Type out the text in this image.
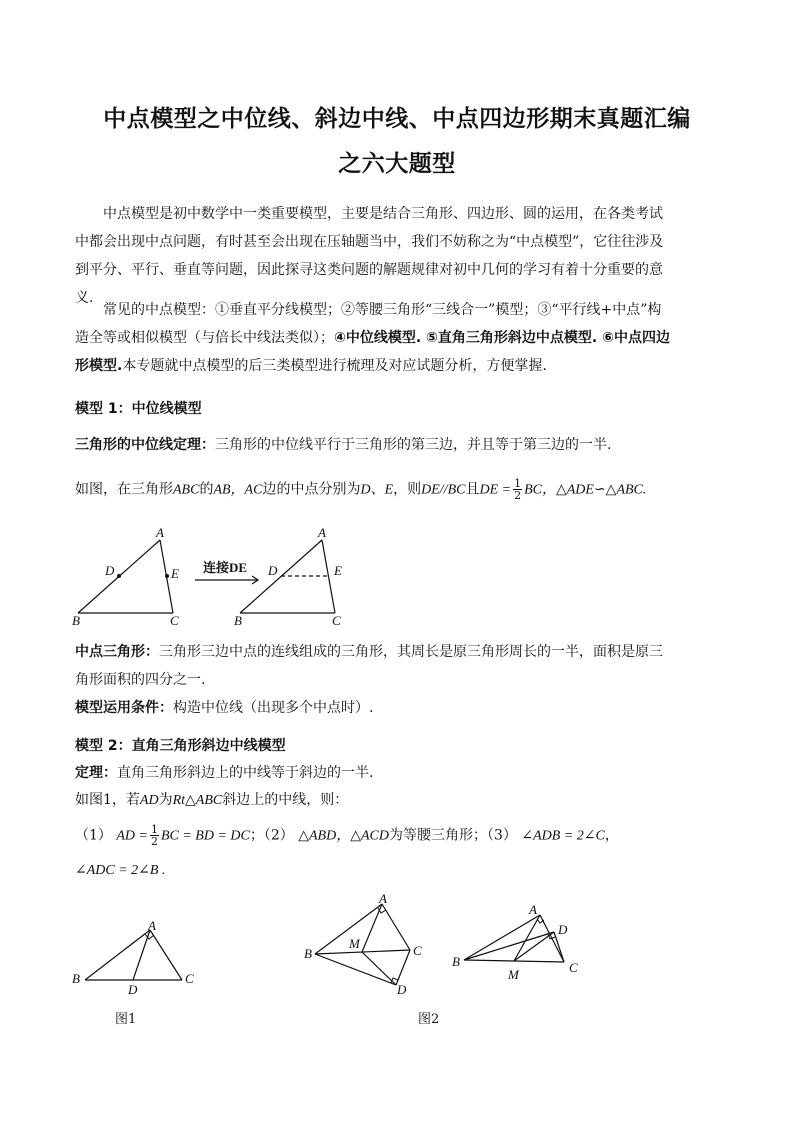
中点模型之中位线、斜边中线、中点四边形期末真题汇编
之六大题型
中点模型是初中数学中一类重要模型，主要是结合三角形、四边形、圆的运用，在各类考试中都会出现中点问题，有时甚至会出现在压轴题当中，我们不妨称之为“中点模型”，它往往涉及到平分、平行、垂直等问题，因此探寻这类问题的解题规律对初中几何的学习有着十分重要的意义.
常见的中点模型：①垂直平分线模型；②等腰三角形“三线合一”模型；③“平行线+中点”构造全等或相似模型（与倍长中线法类似）；④中位线模型. ⑤直角三角形斜边中点模型. ⑥中点四边形模型.本专题就中点模型的后三类模型进行梳理及对应试题分析，方便掌握.
模型 1：中位线模型
三角形的中位线定理：三角形的中位线平行于三角形的第三边，并且等于第三边的一半.
如图，在三角形ABC的AB，AC边的中点分别为D、E，则DE//BC且DE = $\frac{1}{2}$ BC，△ADE∽△ABC.
A
D	E
B	C
连接DE
A
D	E
B	C
中点三角形：三角形三边中点的连线组成的三角形，其周长是原三角形周长的一半，面积是原三角形面积的四分之一.
模型运用条件：构造中位线（出现多个中点时）.
模型 2：直角三角形斜边中线模型
定理：直角三角形斜边上的中线等于斜边的一半.
如图1，若AD为Rt△ABC斜边上的中线，则：
（1） AD = $\frac{1}{2}$ BC = BD = DC；（2） △ABD，△ACD为等腰三角形；（3） ∠ADB = 2∠C，
∠ADC = 2∠B .
A
B	C
D
图1
A
B	C
D
M
A
B	C
D
M
图2
